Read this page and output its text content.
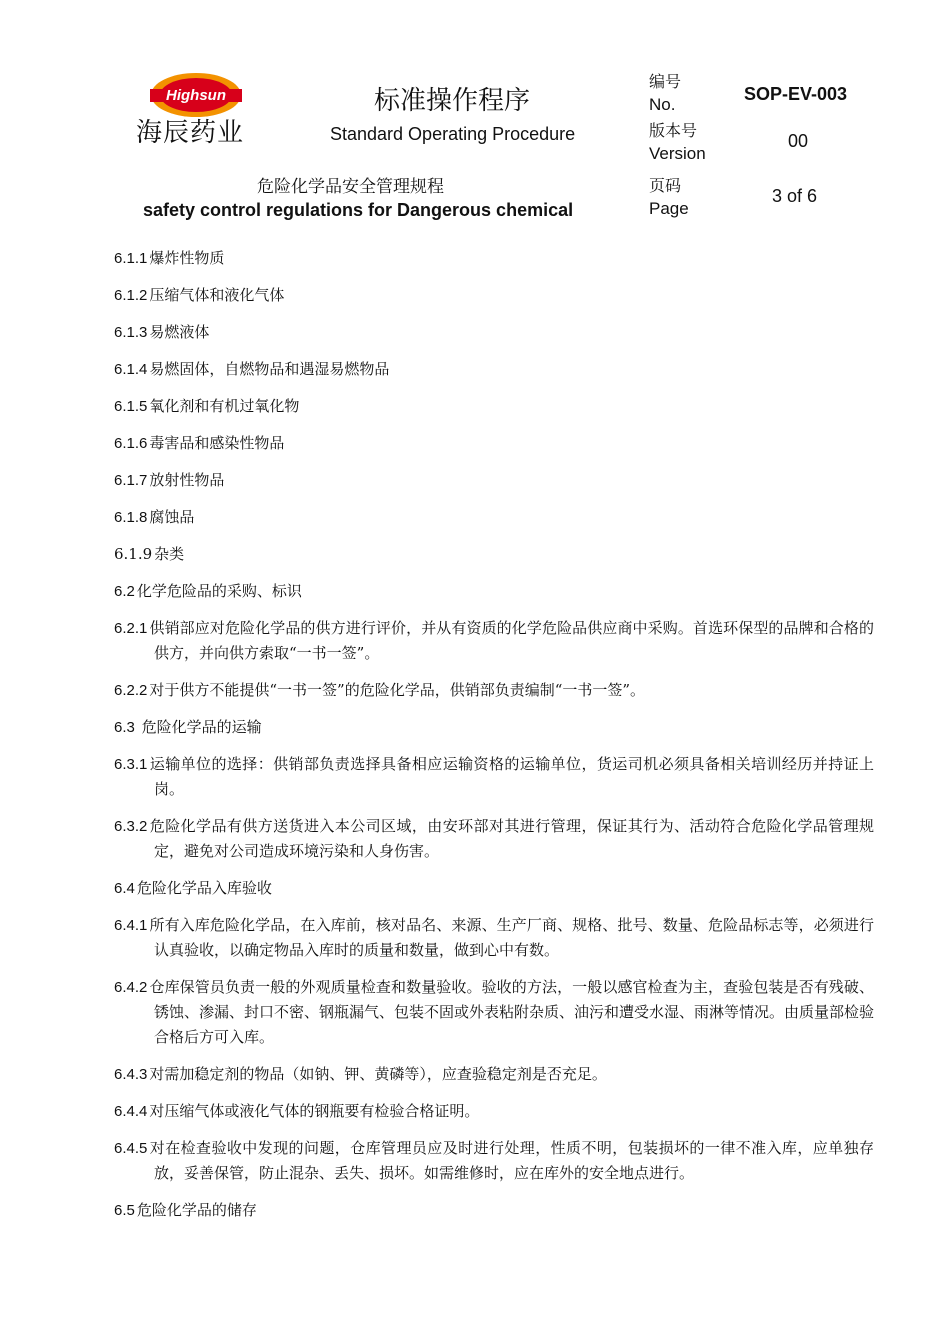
Highsun
海辰药业
标准操作程序
Standard Operating Procedure
危险化学品安全管理规程
safety control regulations for Dangerous chemical
编号
No.
SOP-EV-003
版本号
Version
00
页码
Page
3 of 6
6.1.1 爆炸性物质
6.1.2 压缩气体和液化气体
6.1.3 易燃液体
6.1.4 易燃固体，自燃物品和遇湿易燃物品
6.1.5 氧化剂和有机过氧化物
6.1.6 毒害品和感染性物品
6.1.7 放射性物品
6.1.8 腐蚀品
6.1.9 杂类
6.2 化学危险品的采购、标识
6.2.1 供销部应对危险化学品的供方进行评价，并从有资质的化学危险品供应商中采购。首选环保型的品牌和合格的供方，并向供方索取“一书一签”。
6.2.2 对于供方不能提供“一书一签”的危险化学品，供销部负责编制“一书一签”。
6.3 危险化学品的运输
6.3.1 运输单位的选择：供销部负责选择具备相应运输资格的运输单位，货运司机必须具备相关培训经历并持证上岗。
6.3.2 危险化学品有供方送货进入本公司区域，由安环部对其进行管理，保证其行为、活动符合危险化学品管理规定，避免对公司造成环境污染和人身伤害。
6.4 危险化学品入库验收
6.4.1 所有入库危险化学品，在入库前，核对品名、来源、生产厂商、规格、批号、数量、危险品标志等，必须进行认真验收，以确定物品入库时的质量和数量，做到心中有数。
6.4.2 仓库保管员负责一般的外观质量检查和数量验收。验收的方法，一般以感官检查为主，查验包装是否有残破、锈蚀、渗漏、封口不密、钢瓶漏气、包装不固或外表粘附杂质、油污和遭受水湿、雨淋等情况。由质量部检验合格后方可入库。
6.4.3 对需加稳定剂的物品（如钠、钾、黄磷等），应查验稳定剂是否充足。
6.4.4 对压缩气体或液化气体的钢瓶要有检验合格证明。
6.4.5 对在检查验收中发现的问题，仓库管理员应及时进行处理，性质不明，包装损坏的一律不准入库，应单独存放，妥善保管，防止混杂、丢失、损坏。如需维修时，应在库外的安全地点进行。
6.5 危险化学品的储存
